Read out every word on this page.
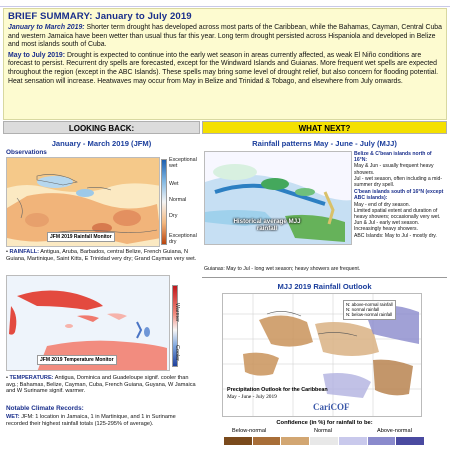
BRIEF SUMMARY: January to July 2019

January to March 2019: Shorter term drought has developed across most parts of the Caribbean, while the Bahamas, Cayman, Central Cuba and western Jamaica have been wetter than usual thus far this year. Long term drought persisted across Hispaniola and developed in Belize and most islands south of Cuba.

May to July 2019: Drought is expected to continue into the early wet season in areas currently affected, as weak El Niño conditions are forecast to persist. Recurrent dry spells are forecasted, except for the Windward Islands and Guianas. More frequent wet spells are expected throughout the region (except in the ABC Islands). These spells may bring some level of drought relief, but also concern for flooding potential. Heat sensation will increase. Heatwaves may occur from May in Belize and Trinidad & Tobago, and elsewhere from July onwards.

LOOKING BACK:	WHAT NEXT?
January - March 2019 (JFM)
Observations
JFM 2019 Rainfall Monitor
Exceptional wet
Wet
Normal
Dry
Exceptional dry
• RAINFALL: Antigua, Aruba, Barbados, central Belize, French Guiana, N Guiana, Martinique, Saint Kitts, E Trinidad very dry; Grand Cayman very wet.
JFM 2019 Temperature Monitor
Warmer
Cooler
• TEMPERATURE: Antigua, Dominica and Guadeloupe signif. cooler than avg.; Bahamas, Belize, Cayman, Cuba, French Guiana, Guyana, W Jamaica and W Suriname signif. warmer.
Notable Climate Records:
WET: JFM: 1 location in Jamaica, 1 in Martinique, and 1 in Suriname recorded their highest rainfall totals (125-295% of average).
Rainfall patterns May - June - July (MJJ)
Historical average MJJ rainfall
Belize & C'bean islands north of 16°N:
May & Jun - usually frequent heavy showers.
Jul - wet season, often including a mid-summer dry spell.
C'bean islands south of 16°N (except ABC islands):
May - end of dry season.
Limited spatial extent and duration of heavy showers; occasionally very wet.
Jun & Jul - early wet season. Increasingly heavy showers.
ABC Islands: May to Jul - mostly dry.
Guianas: May to Jul - long wet season; heavy showers are frequent.
MJJ 2019 Rainfall Outlook
N: above-normal rainfall
N: normal rainfall
N: below-normal rainfall
Precipitation Outlook for the Caribbean
May - June - July 2019
CariCOF
Confidence (in %) for rainfall to be:
Below-normal	Normal	Above-normal
